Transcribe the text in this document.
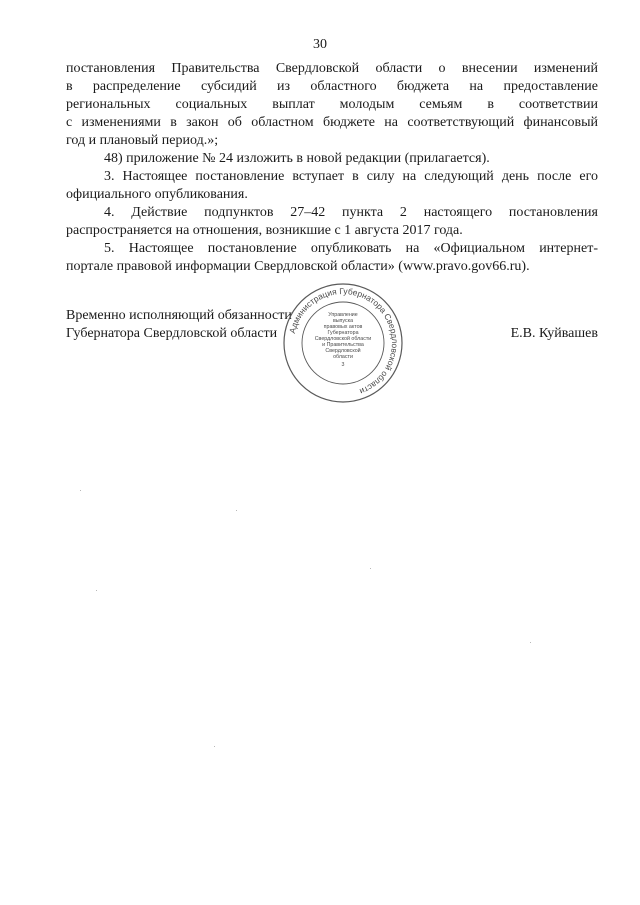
30
постановления Правительства Свердловской области о внесении изменений
в распределение субсидий из областного бюджета на предоставление
региональных социальных выплат молодым семьям в соответствии
с изменениями в закон об областном бюджете на соответствующий финансовый
год и плановый период.»;
48) приложение № 24 изложить в новой редакции (прилагается).
3. Настоящее постановление вступает в силу на следующий день после его
официального опубликования.
4. Действие подпунктов 27–42 пункта 2 настоящего постановления
распространяется на отношения, возникшие с 1 августа 2017 года.
5. Настоящее постановление опубликовать на «Официальном интернет-
портале правовой информации Свердловской области» (www.pravo.gov66.ru).
Временно исполняющий обязанности
Губернатора Свердловской области	Е.В. Куйвашев
Администрация Губернатора Свердловской области
Управление
выпуска
правовых актов
Губернатора
Свердловской области
и Правительства
Свердловской
области
3
